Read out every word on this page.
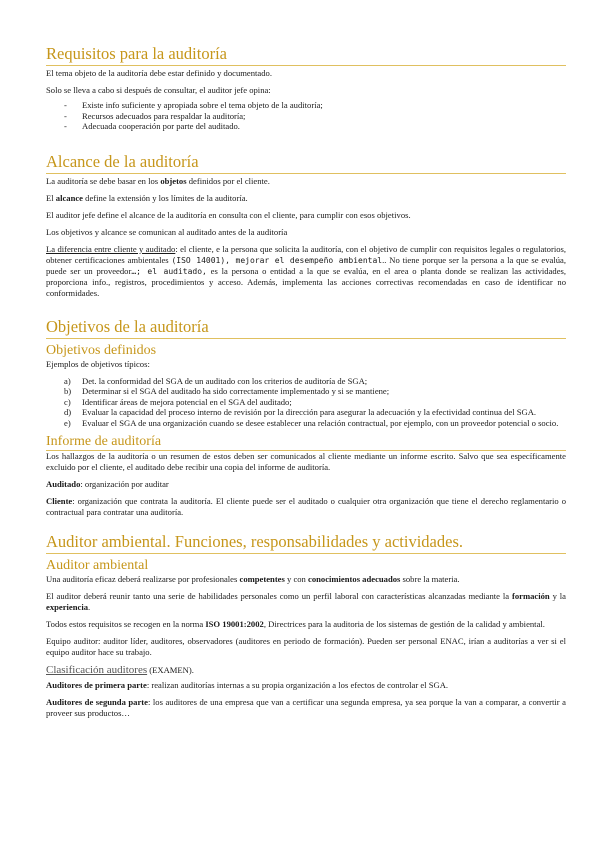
Requisitos para la auditoría

El tema objeto de la auditoría debe estar definido y documentado.

Solo se lleva a cabo si después de consultar, el auditor jefe opina:

- Existe info suficiente y apropiada sobre el tema objeto de la auditoría;
- Recursos adecuados para respaldar la auditoría;
- Adecuada cooperación por parte del auditado.
Alcance de la auditoría

La auditoría se debe basar en los objetos definidos por el cliente.

El alcance define la extensión y los límites de la auditoría.

El auditor jefe define el alcance de la auditoría en consulta con el cliente, para cumplir con esos objetivos.

Los objetivos y alcance se comunican al auditado antes de la auditoría

La diferencia entre cliente y auditado: el cliente, e la persona que solicita la auditoría, con el objetivo de cumplir con requisitos legales o regulatorios, obtener certificaciones ambientales (ISO 14001), mejorar el desempeño ambiental.. No tiene porque ser la persona a la que se evalúa, puede ser un proveedor…; el auditado, es la persona o entidad a la que se evalúa, en el area o planta donde se realizan las actividades, proporciona info., registros, procedimientos y acceso. Además, implementa las acciones correctivas recomendadas en caso de identificar no conformidades.

Objetivos de la auditoría
Objetivos definidos

Ejemplos de objetivos típicos:

a) Det. la conformidad del SGA de un auditado con los criterios de auditoría de SGA;
b) Determinar si el SGA del auditado ha sido correctamente implementado y si se mantiene;
c) Identificar áreas de mejora potencial en el SGA del auditado;
d) Evaluar la capacidad del proceso interno de revisión por la dirección para asegurar la adecuación y la efectividad continua del SGA.
e) Evaluar el SGA de una organización cuando se desee establecer una relación contractual, por ejemplo, con un proveedor potencial o socio.
Informe de auditoría

Los hallazgos de la auditoría o un resumen de estos deben ser comunicados al cliente mediante un informe escrito. Salvo que sea específicamente excluido por el cliente, el auditado debe recibir una copia del informe de auditoría.

Auditado: organización por auditar

Cliente: organización que contrata la auditoría. El cliente puede ser el auditado o cualquier otra organización que tiene el derecho reglamentario o contractual para contratar una auditoría.

Auditor ambiental. Funciones, responsabilidades y actividades.
Auditor ambiental

Una auditoría eficaz deberá realizarse por profesionales competentes y con conocimientos adecuados sobre la materia.

El auditor deberá reunir tanto una serie de habilidades personales como un perfil laboral con características alcanzadas mediante la formación y la experiencia.

Todos estos requisitos se recogen en la norma ISO 19001:2002, Directrices para la auditoria de los sistemas de gestión de la calidad y ambiental.

Equipo auditor: auditor líder, auditores, observadores (auditores en periodo de formación). Pueden ser personal ENAC, irían a auditorías a ver si el equipo auditor hace su trabajo.

Clasificación auditores (EXAMEN).

Auditores de primera parte: realizan auditorías internas a su propia organización a los efectos de controlar el SGA.

Auditores de segunda parte: los auditores de una empresa que van a certificar una segunda empresa, ya sea porque la van a comparar, a convertir a proveer sus productos…
